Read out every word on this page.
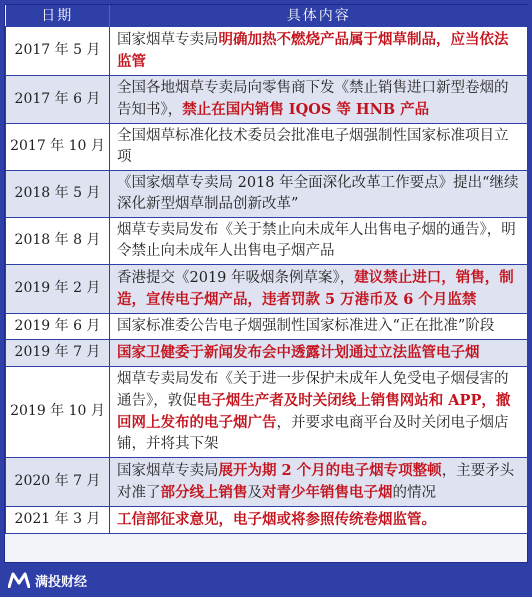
日期	具体内容
2017 年 5 月	国家烟草专卖局明确加热不燃烧产品属于烟草制品，应当依法监管
2017 年 6 月	全国各地烟草专卖局向零售商下发《禁止销售进口新型卷烟的告知书》，禁止在国内销售 IQOS 等 HNB 产品
2017 年 10 月	全国烟草标准化技术委员会批准电子烟强制性国家标准项目立项
2018 年 5 月	《国家烟草专卖局 2018 年全面深化改革工作要点》提出“继续深化新型烟草制品创新改革”
2018 年 8 月	烟草专卖局发布《关于禁止向未成年人出售电子烟的通告》，明令禁止向未成年人出售电子烟产品
2019 年 2 月	香港提交《2019 年吸烟条例草案》，建议禁止进口，销售，制造，宣传电子烟产品，违者罚款 5 万港币及 6 个月监禁
2019 年 6 月	国家标准委公告电子烟强制性国家标准进入“正在批准”阶段
2019 年 7 月	国家卫健委于新闻发布会中透露计划通过立法监管电子烟
2019 年 10 月	烟草专卖局发布《关于进一步保护未成年人免受电子烟侵害的通告》，敦促电子烟生产者及时关闭线上销售网站和 APP，撤回网上发布的电子烟广告，并要求电商平台及时关闭电子烟店铺，并将其下架
2020 年 7 月	国家烟草专卖局展开为期 2 个月的电子烟专项整顿，主要矛头对准了部分线上销售及对青少年销售电子烟的情况
2021 年 3 月	工信部征求意见，电子烟或将参照传统卷烟监管。
满投财经
